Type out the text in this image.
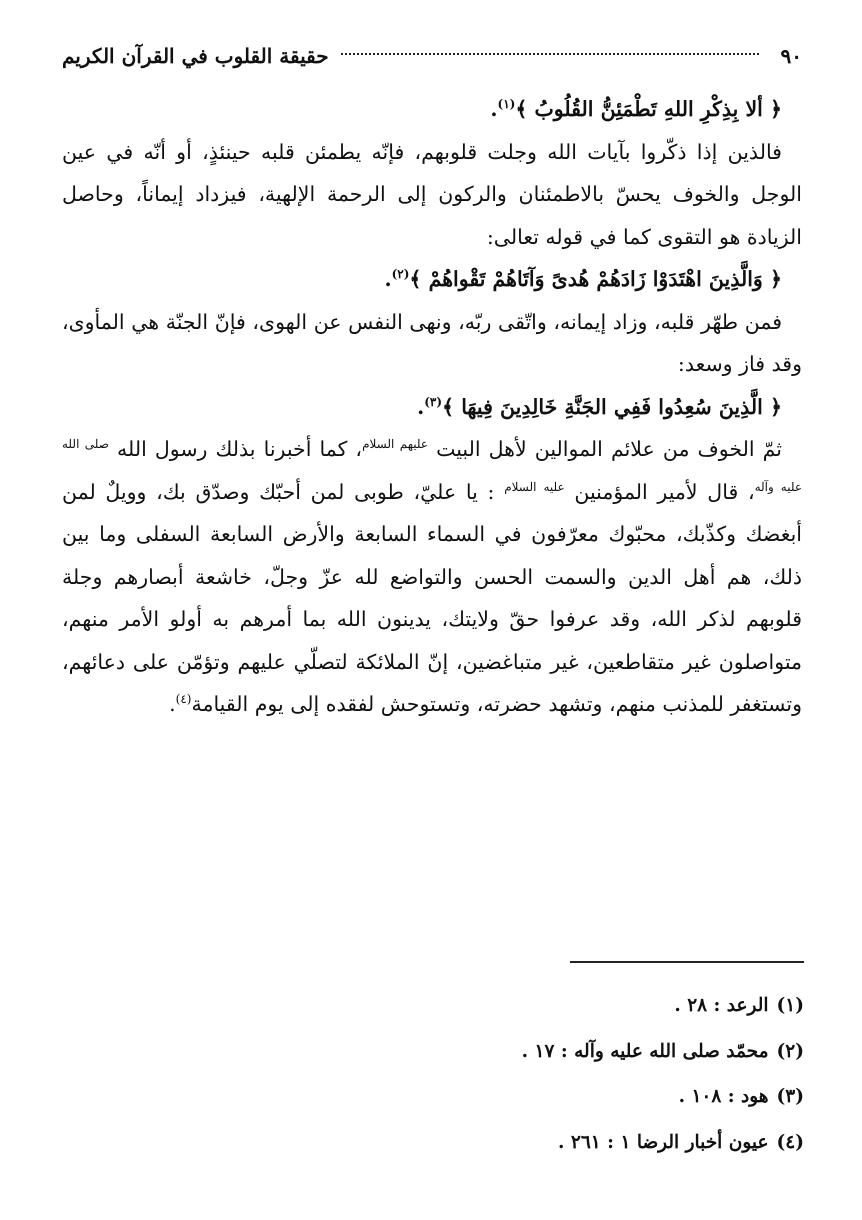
٩٠
حقيقة القلوب في القرآن الكريم

﴿ ألا بِذِكْرِ اللهِ تَطْمَئِنُّ القُلُوبُ ﴾$^{(١)}$.

فالذين إذا ذكّروا بآيات الله وجلت قلوبهم، فإنّه يطمئن قلبه حينئذٍ، أو أنّه في عين الوجل والخوف يحسّ بالاطمئنان والركون إلى الرحمة الإلهية، فيزداد إيماناً، وحاصل الزيادة هو التقوى كما في قوله تعالى:

﴿ وَالَّذِينَ اهْتَدَوْا زَادَهُمْ هُدىً وَآتَاهُمْ تَقْواهُمْ ﴾$^{(٢)}$.

فمن طهّر قلبه، وزاد إيمانه، واتّقى ربّه، ونهى النفس عن الهوى، فإنّ الجنّة هي المأوى، وقد فاز وسعد:

﴿ الَّذِينَ سُعِدُوا فَفِي الجَنَّةِ خَالِدِينَ فِيهَا ﴾$^{(٣)}$.

ثمّ الخوف من علائم الموالين لأهل البيت $^{عليهم السلام}$، كما أخبرنا بذلك رسول الله $^{صلى الله عليه وآله}$، قال لأمير المؤمنين $^{عليه السلام}$ : يا عليّ، طوبى لمن أحبّك وصدّق بك، وويلٌ لمن أبغضك وكذّبك، محبّوك معرّفون في السماء السابعة والأرض السابعة السفلى وما بين ذلك، هم أهل الدين والسمت الحسن والتواضع لله عزّ وجلّ، خاشعة أبصارهم وجلة قلوبهم لذكر الله، وقد عرفوا حقّ ولايتك، يدينون الله بما أمرهم به أولو الأمر منهم، متواصلون غير متقاطعين، غير متباغضين، إنّ الملائكة لتصلّي عليهم وتؤمّن على دعائهم، وتستغفر للمذنب منهم، وتشهد حضرته، وتستوحش لفقده إلى يوم القيامة$^{(٤)}$.

(١)الرعد : ٢٨ .
(٢)محمّد صلى الله عليه وآله : ١٧ .
(٣)هود : ١٠٨ .
(٤)عيون أخبار الرضا ١ : ٢٦١ .
